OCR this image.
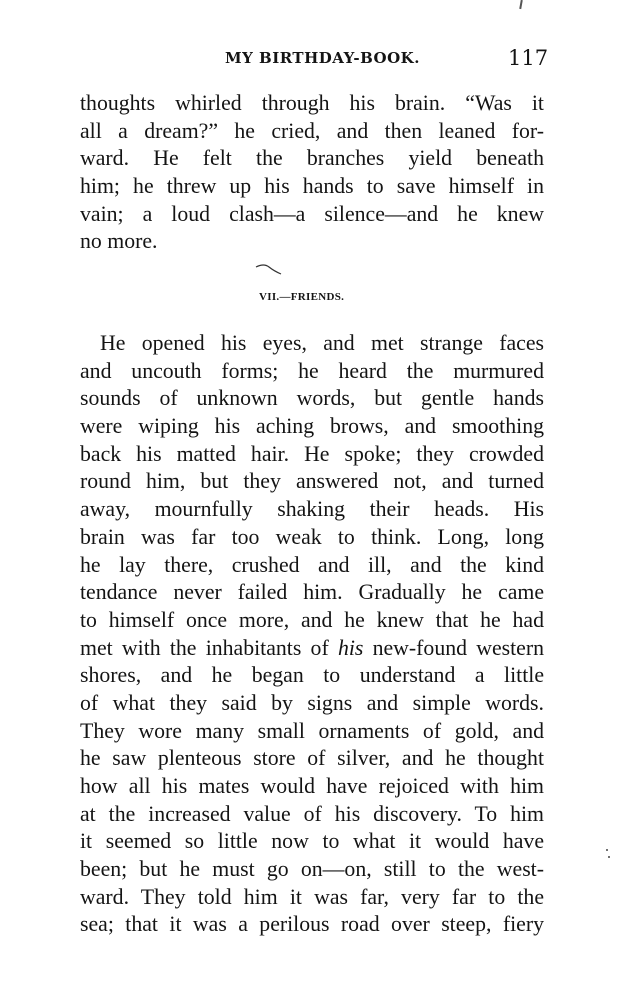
MY BIRTHDAY-BOOK.	117
thoughts whirled through his brain. “Was it
all a dream?” he cried, and then leaned for-
ward. He felt the branches yield beneath
him; he threw up his hands to save himself in
vain; a loud clash—a silence—and he knew
no more.
VII.—FRIENDS.
He opened his eyes, and met strange faces
and uncouth forms; he heard the murmured
sounds of unknown words, but gentle hands
were wiping his aching brows, and smoothing
back his matted hair. He spoke; they crowded
round him, but they answered not, and turned
away, mournfully shaking their heads. His
brain was far too weak to think. Long, long
he lay there, crushed and ill, and the kind
tendance never failed him. Gradually he came
to himself once more, and he knew that he had
met with the inhabitants of his new-found western
shores, and he began to understand a little
of what they said by signs and simple words.
They wore many small ornaments of gold, and
he saw plenteous store of silver, and he thought
how all his mates would have rejoiced with him
at the increased value of his discovery. To him
it seemed so little now to what it would have
been; but he must go on—on, still to the west-
ward. They told him it was far, very far to the
sea; that it was a perilous road over steep, fiery
